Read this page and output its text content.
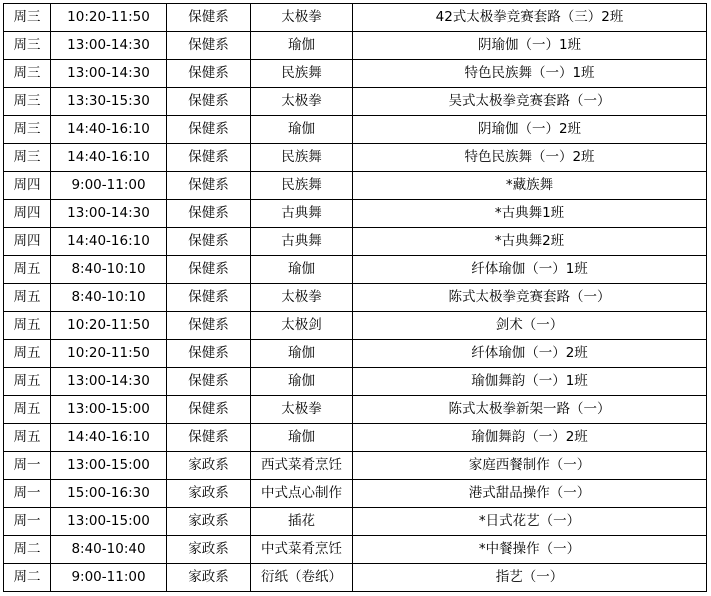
周三	10:20-11:50	保健系	太极拳	42式太极拳竞赛套路（三）2班
周三	13:00-14:30	保健系	瑜伽	阴瑜伽（一）1班
周三	13:00-14:30	保健系	民族舞	特色民族舞（一）1班
周三	13:30-15:30	保健系	太极拳	吴式太极拳竞赛套路（一）
周三	14:40-16:10	保健系	瑜伽	阴瑜伽（一）2班
周三	14:40-16:10	保健系	民族舞	特色民族舞（一）2班
周四	9:00-11:00	保健系	民族舞	*藏族舞
周四	13:00-14:30	保健系	古典舞	*古典舞1班
周四	14:40-16:10	保健系	古典舞	*古典舞2班
周五	8:40-10:10	保健系	瑜伽	纤体瑜伽（一）1班
周五	8:40-10:10	保健系	太极拳	陈式太极拳竞赛套路（一）
周五	10:20-11:50	保健系	太极剑	剑术（一）
周五	10:20-11:50	保健系	瑜伽	纤体瑜伽（一）2班
周五	13:00-14:30	保健系	瑜伽	瑜伽舞韵（一）1班
周五	13:00-15:00	保健系	太极拳	陈式太极拳新架一路（一）
周五	14:40-16:10	保健系	瑜伽	瑜伽舞韵（一）2班
周一	13:00-15:00	家政系	西式菜肴烹饪	家庭西餐制作（一）
周一	15:00-16:30	家政系	中式点心制作	港式甜品操作（一）
周一	13:00-15:00	家政系	插花	*日式花艺（一）
周二	8:40-10:40	家政系	中式菜肴烹饪	*中餐操作（一）
周二	9:00-11:00	家政系	衍纸（卷纸）	指艺（一）
